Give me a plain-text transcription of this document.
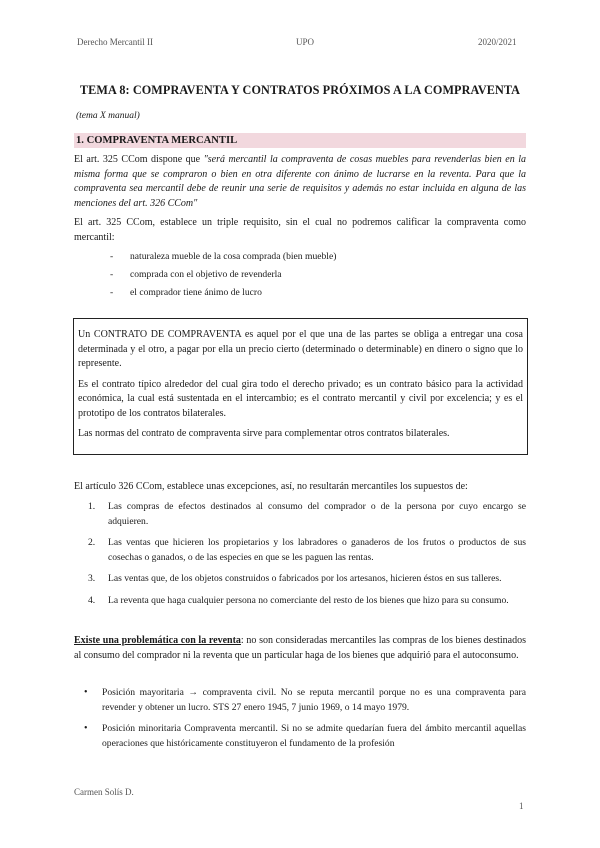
Derecho Mercantil II	UPO	2020/2021
TEMA 8: COMPRAVENTA Y CONTRATOS PRÓXIMOS A LA COMPRAVENTA
(tema X manual)
1. COMPRAVENTA MERCANTIL

El art. 325 CCom dispone que "será mercantil la compraventa de cosas muebles para revenderlas bien en la misma forma que se compraron o bien en otra diferente con ánimo de lucrarse en la reventa. Para que la compraventa sea mercantil debe de reunir una serie de requisitos y además no estar incluida en alguna de las menciones del art. 326 CCom"

El art. 325 CCom, establece un triple requisito, sin el cual no podremos calificar la compraventa como mercantil:

- naturaleza mueble de la cosa comprada (bien mueble)
- comprada con el objetivo de revenderla
- el comprador tiene ánimo de lucro

Un CONTRATO DE COMPRAVENTA es aquel por el que una de las partes se obliga a entregar una cosa determinada y el otro, a pagar por ella un precio cierto (determinado o determinable) en dinero o signo que lo represente.

Es el contrato típico alrededor del cual gira todo el derecho privado; es un contrato básico para la actividad económica, la cual está sustentada en el intercambio; es el contrato mercantil y civil por excelencia; y es el prototipo de los contratos bilaterales.

Las normas del contrato de compraventa sirve para complementar otros contratos bilaterales.

El artículo 326 CCom, establece unas excepciones, así, no resultarán mercantiles los supuestos de:

1. Las compras de efectos destinados al consumo del comprador o de la persona por cuyo encargo se adquieren.
2. Las ventas que hicieren los propietarios y los labradores o ganaderos de los frutos o productos de sus cosechas o ganados, o de las especies en que se les paguen las rentas.
3. Las ventas que, de los objetos construidos o fabricados por los artesanos, hicieren éstos en sus talleres.
4. La reventa que haga cualquier persona no comerciante del resto de los bienes que hizo para su consumo.

Existe una problemática con la reventa: no son consideradas mercantiles las compras de los bienes destinados al consumo del comprador ni la reventa que un particular haga de los bienes que adquirió para el autoconsumo.

• Posición mayoritaria → compraventa civil. No se reputa mercantil porque no es una compraventa para revender y obtener un lucro. STS 27 enero 1945, 7 junio 1969, o 14 mayo 1979.
• Posición minoritaria Compraventa mercantil. Si no se admite quedarían fuera del ámbito mercantil aquellas operaciones que históricamente constituyeron el fundamento de la profesión
Carmen Solís D.
1
